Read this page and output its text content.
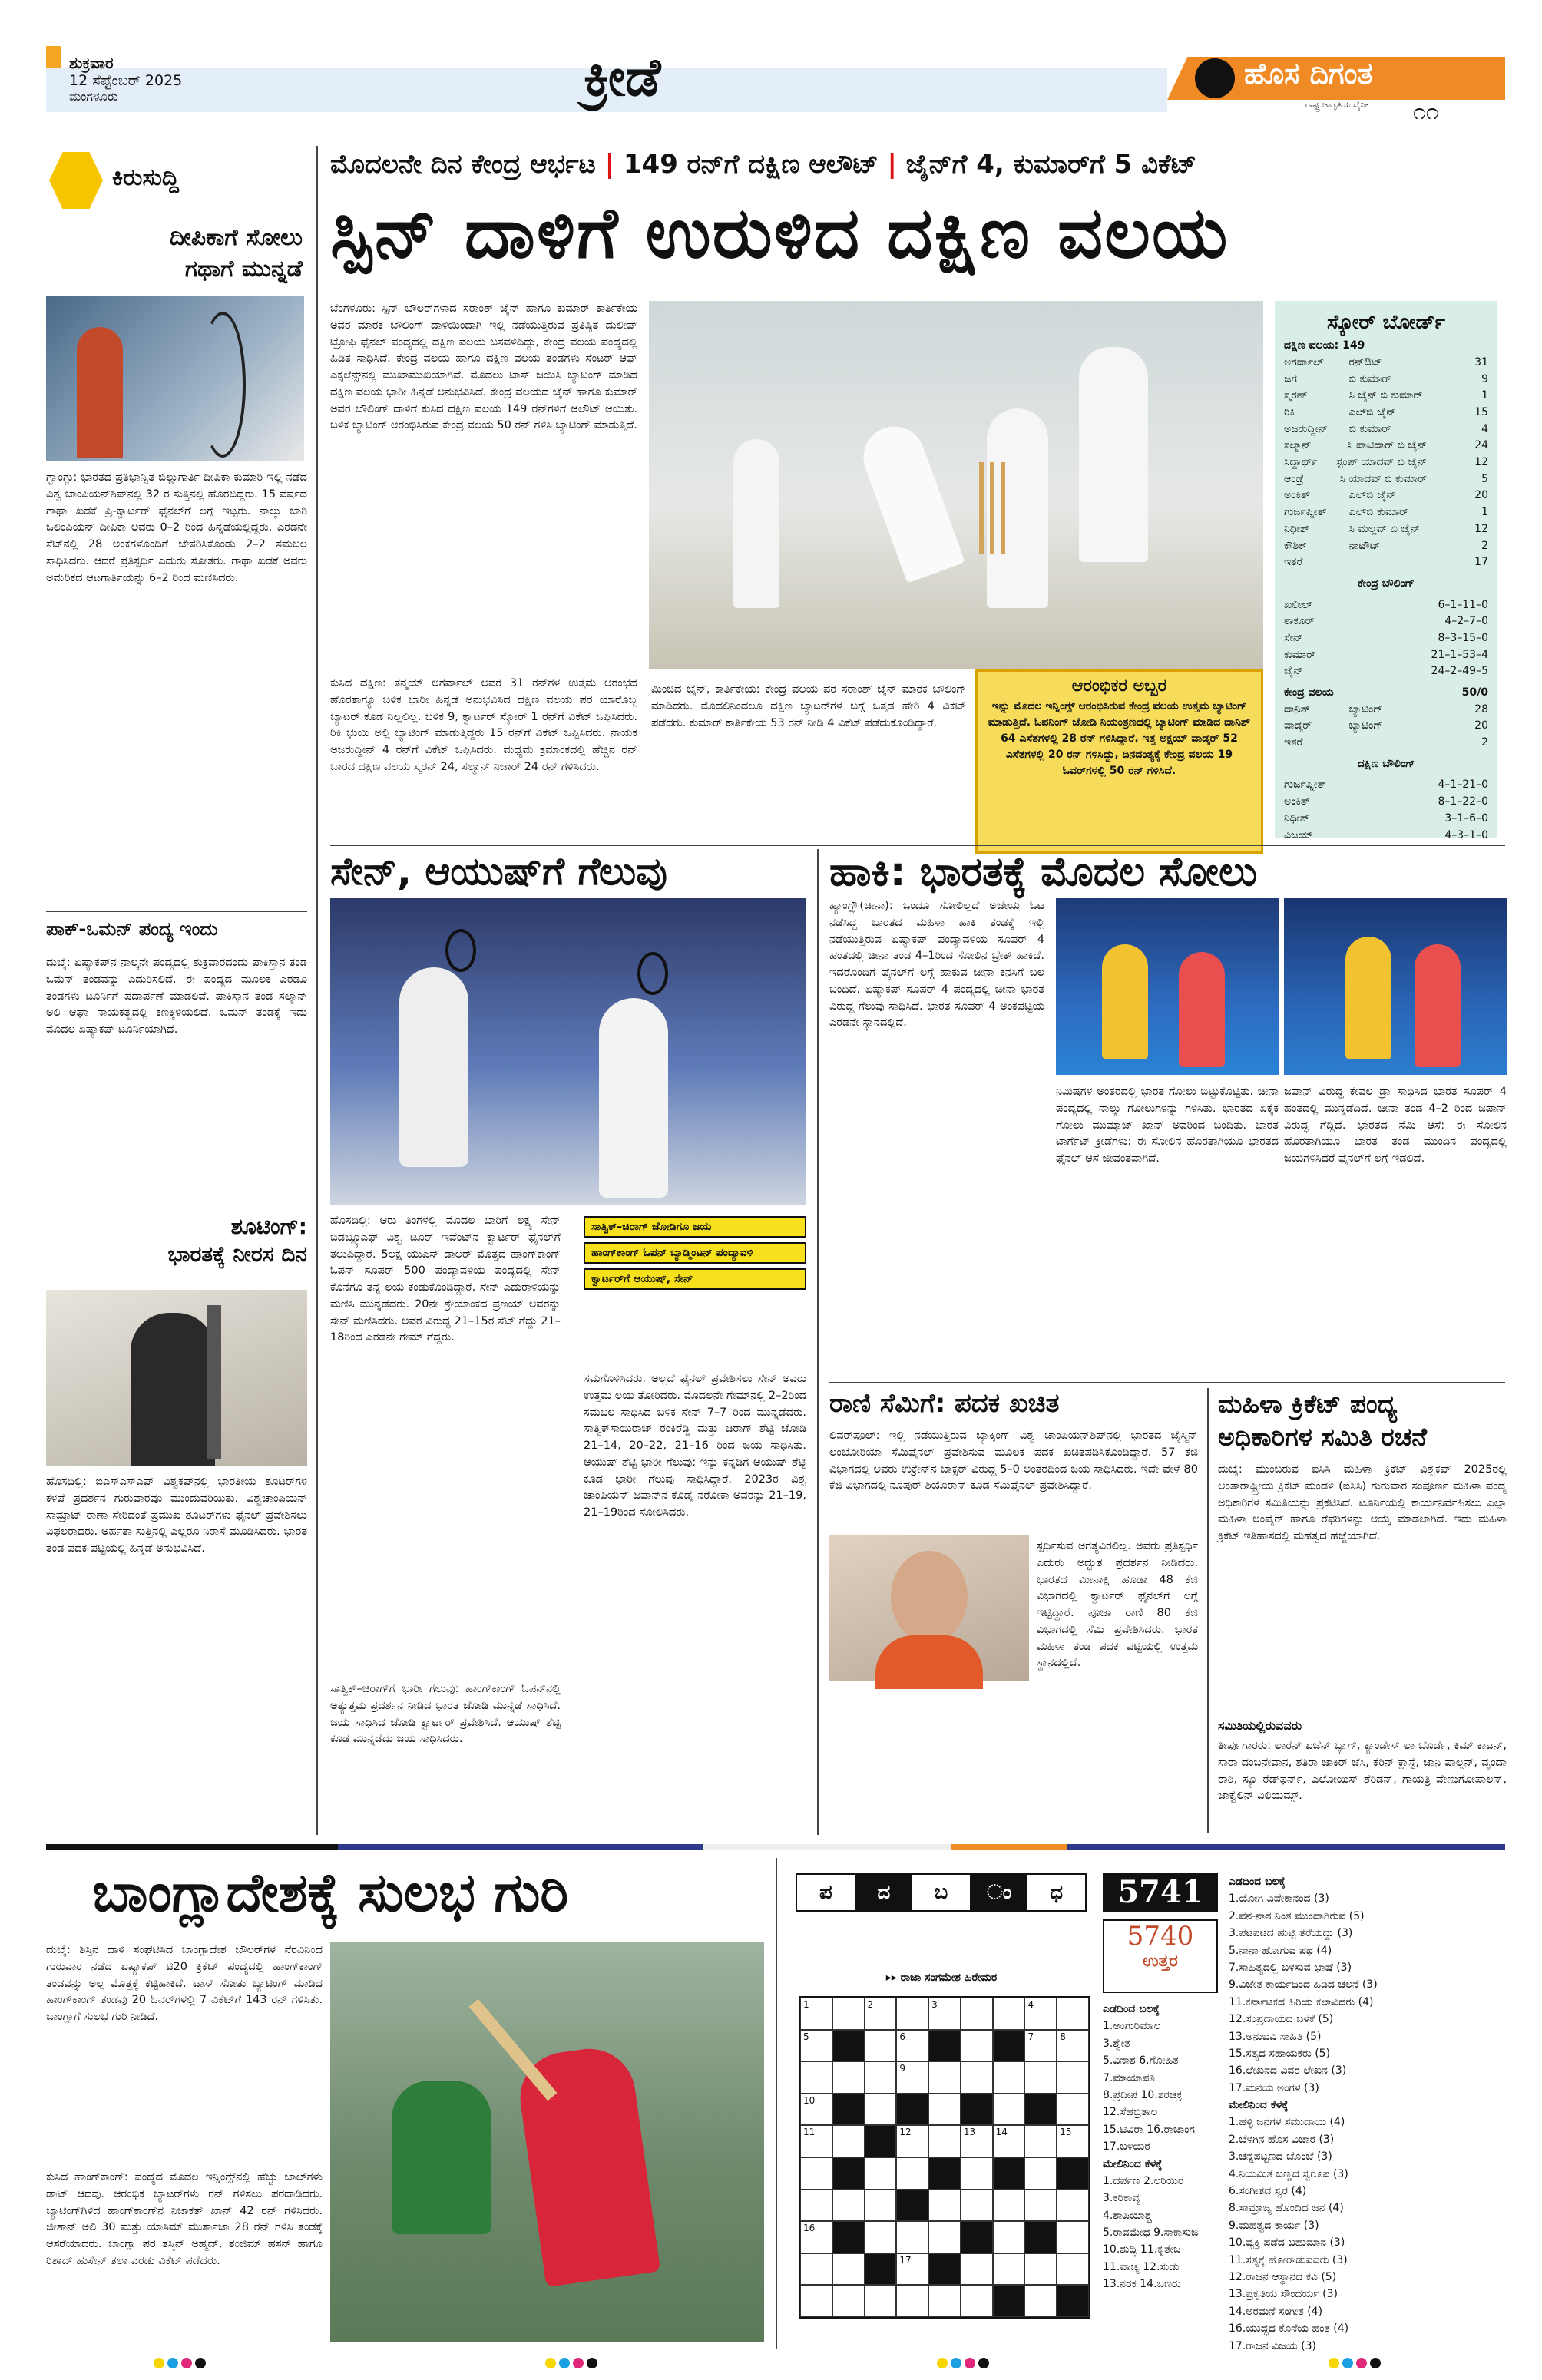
ಶುಕ್ರವಾರ
12 ಸೆಪ್ಟೆಂಬರ್ 2025
ಮಂಗಳೂರು	ಕ್ರೀಡೆ	ಹೊಸ ದಿಗಂತ
ರಾಷ್ಟ್ರ ಜಾಗೃತಿಯ ದೈನಿಕ ೧೧
ಕಿರುಸುದ್ದಿ
ದೀಪಿಕಾಗೆ ಸೋಲು
ಗಥಾಗೆ ಮುನ್ನಡೆ
ಗ್ವಾಂಗ್ಜು: ಭಾರತದ ಪ್ರತಿಭಾನ್ವಿತ ಬಿಲ್ಲುಗಾರ್ತಿ ದೀಪಿಕಾ ಕುಮಾರಿ ಇಲ್ಲಿ ನಡೆದ ವಿಶ್ವ ಚಾಂಪಿಯನ್‌ಶಿಪ್‌ನಲ್ಲಿ 32 ರ ಸುತ್ತಿನಲ್ಲಿ ಹೊರಬಿದ್ದರು. 15 ವರ್ಷದ ಗಾಥಾ ಖಡಕೆ ಪ್ರಿ-ಕ್ವಾರ್ಟರ್ ಫೈನಲ್‌ಗೆ ಲಗ್ಗೆ ಇಟ್ಟರು. ನಾಲ್ಕು ಬಾರಿ ಒಲಿಂಪಿಯನ್ ದೀಪಿಕಾ ಅವರು 0–2 ರಿಂದ ಹಿನ್ನಡೆಯಲ್ಲಿದ್ದರು. ಎರಡನೇ ಸೆಟ್‌ನಲ್ಲಿ 28 ಅಂಕಗಳೊಂದಿಗೆ ಚೇತರಿಸಿಕೊಂಡು 2–2 ಸಮಬಲ ಸಾಧಿಸಿದರು. ಆದರೆ ಪ್ರತಿಸ್ಪರ್ಧಿ ಎದುರು ಸೋತರು. ಗಾಥಾ ಖಡಕೆ ಅವರು ಅಮೆರಿಕದ ಆಟಗಾರ್ತಿಯನ್ನು 6–2 ರಿಂದ ಮಣಿಸಿದರು.
ಪಾಕ್-ಒಮನ್ ಪಂದ್ಯ ಇಂದು
ದುಬೈ: ಏಷ್ಯಾಕಪ್‌ನ ನಾಲ್ಕನೇ ಪಂದ್ಯದಲ್ಲಿ ಶುಕ್ರವಾರದಂದು ಪಾಕಿಸ್ತಾನ ತಂಡ ಒಮನ್ ತಂಡವನ್ನು ಎದುರಿಸಲಿದೆ. ಈ ಪಂದ್ಯದ ಮೂಲಕ ಎರಡೂ ತಂಡಗಳು ಟೂರ್ನಿಗೆ ಪದಾರ್ಪಣೆ ಮಾಡಲಿವೆ. ಪಾಕಿಸ್ತಾನ ತಂಡ ಸಲ್ಮಾನ್ ಅಲಿ ಆಘಾ ನಾಯಕತ್ವದಲ್ಲಿ ಕಣಕ್ಕಿಳಿಯಲಿದೆ. ಒಮನ್ ತಂಡಕ್ಕೆ ಇದು ಮೊದಲ ಏಷ್ಯಾಕಪ್ ಟೂರ್ನಿಯಾಗಿದೆ.
ಶೂಟಿಂಗ್:
ಭಾರತಕ್ಕೆ ನೀರಸ ದಿನ
ಹೊಸದಿಲ್ಲಿ: ಐಎಸ್‌ಎಸ್‌ಎಫ್ ವಿಶ್ವಕಪ್‌ನಲ್ಲಿ ಭಾರತೀಯ ಶೂಟರ್‌ಗಳ ಕಳಪೆ ಪ್ರದರ್ಶನ ಗುರುವಾರವೂ ಮುಂದುವರಿಯಿತು. ವಿಶ್ವಚಾಂಪಿಯನ್ ಸಾಮ್ರಾಟ್ ರಾಣಾ ಸೇರಿದಂತೆ ಪ್ರಮುಖ ಶೂಟರ್‌ಗಳು ಫೈನಲ್ ಪ್ರವೇಶಿಸಲು ವಿಫಲರಾದರು. ಅರ್ಹತಾ ಸುತ್ತಿನಲ್ಲಿ ಎಲ್ಲರೂ ನಿರಾಸೆ ಮೂಡಿಸಿದರು. ಭಾರತ ತಂಡ ಪದಕ ಪಟ್ಟಿಯಲ್ಲಿ ಹಿನ್ನಡೆ ಅನುಭವಿಸಿದೆ.
ಮೊದಲನೇ ದಿನ ಕೇಂದ್ರ ಆರ್ಭಟ | 149 ರನ್‌ಗೆ ದಕ್ಷಿಣ ಆಲೌಟ್ | ಜೈನ್‌ಗೆ 4, ಕುಮಾರ್‌ಗೆ 5 ವಿಕೆಟ್
ಸ್ಪಿನ್ ದಾಳಿಗೆ ಉರುಳಿದ ದಕ್ಷಿಣ ವಲಯ
ಬೆಂಗಳೂರು: ಸ್ಪಿನ್ ಬೌಲರ್‌ಗಳಾದ ಸರಾಂಶ್ ಜೈನ್ ಹಾಗೂ ಕುಮಾರ್ ಕಾರ್ತಿಕೇಯ ಅವರ ಮಾರಕ ಬೌಲಿಂಗ್ ದಾಳಿಯಿಂದಾಗಿ ಇಲ್ಲಿ ನಡೆಯುತ್ತಿರುವ ಪ್ರತಿಷ್ಠಿತ ದುಲೀಪ್ ಟ್ರೋಫಿ ಫೈನಲ್ ಪಂದ್ಯದಲ್ಲಿ ದಕ್ಷಿಣ ವಲಯ ಬಸವಳಿದಿದ್ದು, ಕೇಂದ್ರ ವಲಯ ಪಂದ್ಯದಲ್ಲಿ ಹಿಡಿತ ಸಾಧಿಸಿದೆ. ಕೇಂದ್ರ ವಲಯ ಹಾಗೂ ದಕ್ಷಿಣ ವಲಯ ತಂಡಗಳು ಸೆಂಟರ್ ಆಫ್ ಎಕ್ಸಲೆನ್ಸ್‌ನಲ್ಲಿ ಮುಖಾಮುಖಿಯಾಗಿವೆ. ಮೊದಲು ಟಾಸ್ ಜಯಿಸಿ ಬ್ಯಾಟಿಂಗ್ ಮಾಡಿದ ದಕ್ಷಿಣ ವಲಯ ಭಾರೀ ಹಿನ್ನಡೆ ಅನುಭವಿಸಿದೆ. ಕೇಂದ್ರ ವಲಯದ ಜೈನ್ ಹಾಗೂ ಕುಮಾರ್ ಅವರ ಬೌಲಿಂಗ್ ದಾಳಿಗೆ ಕುಸಿದ ದಕ್ಷಿಣ ವಲಯ 149 ರನ್‌ಗಳಿಗೆ ಆಲೌಟ್ ಆಯಿತು. ಬಳಿಕ ಬ್ಯಾಟಿಂಗ್ ಆರಂಭಿಸಿರುವ ಕೇಂದ್ರ ವಲಯ 50 ರನ್ ಗಳಿಸಿ ಬ್ಯಾಟಿಂಗ್ ಮಾಡುತ್ತಿದೆ.
ಕುಸಿದ ದಕ್ಷಿಣ: ತನ್ಮಯ್ ಅಗರ್ವಾಲ್ ಅವರ 31 ರನ್‌ಗಳ ಉತ್ತಮ ಆರಂಭದ ಹೊರತಾಗ್ಯೂ ಬಳಿಕ ಭಾರೀ ಹಿನ್ನಡೆ ಅನುಭವಿಸಿದ ದಕ್ಷಿಣ ವಲಯ ಪರ ಯಾರೊಬ್ಬ ಬ್ಯಾಟರ್ ಕೂಡ ನಿಲ್ಲಲಿಲ್ಲ. ಬಳಿಕ 9, ಕ್ವಾರ್ಟರ್ ಸ್ಕೋರ್ 1 ರನ್‌ಗೆ ವಿಕೆಟ್ ಒಪ್ಪಿಸಿದರು. ರಿಕಿ ಭುಯಿ ಅಲ್ಲಿ ಬ್ಯಾಟಿಂಗ್ ಮಾಡುತ್ತಿದ್ದರು 15 ರನ್‌ಗೆ ವಿಕೆಟ್ ಒಪ್ಪಿಸಿದರು. ನಾಯಕ ಅಜರುದ್ದೀನ್ 4 ರನ್‌ಗೆ ವಿಕೆಟ್ ಒಪ್ಪಿಸಿದರು. ಮಧ್ಯಮ ಕ್ರಮಾಂಕದಲ್ಲಿ ಹೆಚ್ಚಿನ ರನ್ ಬಾರದ ದಕ್ಷಿಣ ವಲಯ ಸ್ಮರನ್ 24, ಸಲ್ಮಾನ್ ನಿಜಾರ್ 24 ರನ್ ಗಳಿಸಿದರು.
ಮಿಂಚಿದ ಜೈನ್, ಕಾರ್ತಿಕೇಯ: ಕೇಂದ್ರ ವಲಯ ಪರ ಸರಾಂಶ್ ಜೈನ್ ಮಾರಕ ಬೌಲಿಂಗ್ ಮಾಡಿದರು. ಮೊದಲಿನಿಂದಲೂ ದಕ್ಷಿಣ ಬ್ಯಾಟರ್‌ಗಳ ಬಗ್ಗೆ ಒತ್ತಡ ಹೇರಿ 4 ವಿಕೆಟ್ ಪಡೆದರು. ಕುಮಾರ್ ಕಾರ್ತಿಕೇಯ 53 ರನ್ ನೀಡಿ 4 ವಿಕೆಟ್ ಪಡೆದುಕೊಂಡಿದ್ದಾರೆ.
ಆರಂಭಿಕರ ಅಬ್ಬರ
ಇನ್ನು ಮೊದಲ ಇನ್ನಿಂಗ್ಸ್ ಆರಂಭಿಸಿರುವ ಕೇಂದ್ರ ವಲಯ ಉತ್ತಮ ಬ್ಯಾಟಿಂಗ್ ಮಾಡುತ್ತಿದೆ. ಓಪನಿಂಗ್ ಜೋಡಿ ನಿಯಂತ್ರಣದಲ್ಲಿ ಬ್ಯಾಟಿಂಗ್ ಮಾಡಿದ ದಾನಿಶ್ 64 ಎಸೆತಗಳಲ್ಲಿ 28 ರನ್ ಗಳಿಸಿದ್ದಾರೆ. ಇತ್ತ ಅಕ್ಷಯ್ ವಾಡ್ಕರ್ 52 ಎಸೆತಗಳಲ್ಲಿ 20 ರನ್ ಗಳಿಸಿದ್ದು, ದಿನದಂತ್ಯಕ್ಕೆ ಕೇಂದ್ರ ವಲಯ 19 ಓವರ್‌ಗಳಲ್ಲಿ 50 ರನ್ ಗಳಿಸಿದೆ.
ಸ್ಕೋರ್ ಬೋರ್ಡ್
ದಕ್ಷಿಣ ವಲಯ: 149
ಅಗರ್ವಾಲ್	ರನ್‌ಔಟ್	31
ಜಗ	ಬಿ ಕುಮಾರ್	9
ಸ್ಮರಣ್	ಸಿ ಜೈನ್ ಬಿ ಕುಮಾರ್	1
ರಿಕಿ	ಎಲ್‌ಬಿ ಜೈನ್	15
ಅಜರುದ್ದೀನ್	ಬಿ ಕುಮಾರ್	4
ಸಲ್ಮಾನ್	ಸಿ ಪಾಟಿದಾರ್ ಬಿ ಜೈನ್	24
ಸಿದ್ದಾರ್ಥ್	ಸ್ಟಂಪ್ ಯಾದವ್ ಬಿ ಜೈನ್	12
ಆಂಡ್ರೆ	ಸಿ ಯಾದವ್ ಬಿ ಕುಮಾರ್	5
ಅಂಕಿತ್	ಎಲ್‌ಬಿ ಜೈನ್	20
ಗುರ್ಜಪ್ನೀತ್	ಎಲ್‌ಬಿ ಕುಮಾರ್	1
ನಿಧೀಶ್	ಸಿ ಮಲ್ಲವ್ ಬಿ ಜೈನ್	12
ಕೌಶಿಕ್	ನಾಟೌಟ್	2
ಇತರೆ	17
ಕೇಂದ್ರ ಬೌಲಿಂಗ್
ಖಲೀಲ್	6–1–11–0
ಠಾಕೂರ್	4–2–7–0
ಸೇನ್	8–3–15–0
ಕುಮಾರ್	21–1–53–4
ಜೈನ್	24–2–49–5
ಕೇಂದ್ರ ವಲಯ	50/0
ದಾನಿಶ್	ಬ್ಯಾಟಿಂಗ್	28
ವಾಡ್ಕರ್	ಬ್ಯಾಟಿಂಗ್	20
ಇತರೆ	2
ದಕ್ಷಿಣ ಬೌಲಿಂಗ್
ಗುರ್ಜಪ್ನೀತ್	4–1–21–0
ಅಂಕಿತ್	8–1–22–0
ನಿಧೀಶ್	3–1–6–0
ವಿಜಯ್	4–3–1–0
ಸೇನ್, ಆಯುಷ್‌ಗೆ ಗೆಲುವು
ಹೊಸದಿಲ್ಲಿ: ಆರು ತಿಂಗಳಲ್ಲಿ ಮೊದಲ ಬಾರಿಗೆ ಲಕ್ಷ್ಯ ಸೇನ್ ಬಿಡಬ್ಲ್ಯೂಎಫ್ ವಿಶ್ವ ಟೂರ್ ಇವೆಂಟ್‌ನ ಕ್ವಾರ್ಟರ್ ಫೈನಲ್‌ಗೆ ತಲುಪಿದ್ದಾರೆ. 5ಲಕ್ಷ ಯುಎಸ್ ಡಾಲರ್ ಮೊತ್ತದ ಹಾಂಗ್‌ಕಾಂಗ್ ಓಪನ್ ಸೂಪರ್ 500 ಪಂದ್ಯಾವಳಿಯ ಪಂದ್ಯದಲ್ಲಿ ಸೇನ್ ಕೊನೆಗೂ ತನ್ನ ಲಯ ಕಂಡುಕೊಂಡಿದ್ದಾರೆ. ಸೇನ್ ಎದುರಾಳಿಯನ್ನು ಮಣಿಸಿ ಮುನ್ನಡೆದರು. 20ನೇ ಶ್ರೇಯಾಂಕದ ಪ್ರಣಯ್ ಅವರನ್ನು ಸೇನ್ ಮಣಿಸಿದರು. ಅವರ ವಿರುದ್ಧ 21–15ರ ಸೆಟ್ ಗೆದ್ದು 21–18ರಿಂದ ಎರಡನೇ ಗೇಮ್ ಗೆದ್ದರು.
ಸಾತ್ವಿಕ್–ಚಿರಾಗ್ ಜೋಡಿಗೂ ಜಯ
ಹಾಂಗ್‌ಕಾಂಗ್ ಓಪನ್ ಬ್ಯಾಡ್ಮಿಂಟನ್ ಪಂದ್ಯಾವಳಿ
ಕ್ವಾರ್ಟರ್‌ಗೆ ಆಯುಷ್, ಸೇನ್
ಸಮಗೊಳಿಸಿದರು. ಅಲ್ಲದೆ ಫೈನಲ್ ಪ್ರವೇಶಿಸಲು ಸೇನ್ ಅವರು ಉತ್ತಮ ಲಯ ತೋರಿದರು. ಮೊದಲನೇ ಗೇಮ್‌ನಲ್ಲಿ 2–2ರಿಂದ ಸಮಬಲ ಸಾಧಿಸಿದ ಬಳಿಕ ಸೇನ್ 7–7 ರಿಂದ ಮುನ್ನಡೆದರು. ಸಾತ್ವಿಕ್‌ಸಾಯಿರಾಜ್ ರಂಕಿರೆಡ್ಡಿ ಮತ್ತು ಚಿರಾಗ್ ಶೆಟ್ಟಿ ಜೋಡಿ 21–14, 20–22, 21–16 ರಿಂದ ಜಯ ಸಾಧಿಸಿತು. ಆಯುಷ್ ಶೆಟ್ಟಿ ಭಾರೀ ಗೆಲುವು: ಇನ್ನು ಕನ್ನಡಿಗ ಆಯುಷ್ ಶೆಟ್ಟಿ ಕೂಡ ಭಾರೀ ಗೆಲುವು ಸಾಧಿಸಿದ್ದಾರೆ. 2023ರ ವಿಶ್ವ ಚಾಂಪಿಯನ್ ಜಪಾನ್‌ನ ಕೊಡೈ ನರೋಕಾ ಅವರನ್ನು 21–19, 21–19ರಿಂದ ಸೋಲಿಸಿದರು.
ಸಾತ್ವಿಕ್–ಚಿರಾಗ್‌ಗೆ ಭಾರೀ ಗೆಲುವು: ಹಾಂಗ್‌ಕಾಂಗ್ ಓಪನ್‌ನಲ್ಲಿ ಅತ್ಯುತ್ತಮ ಪ್ರದರ್ಶನ ನೀಡಿದ ಭಾರತ ಜೋಡಿ ಮುನ್ನಡೆ ಸಾಧಿಸಿದೆ. ಜಯ ಸಾಧಿಸಿದ ಜೋಡಿ ಕ್ವಾರ್ಟರ್ ಪ್ರವೇಶಿಸಿದೆ. ಆಯುಷ್ ಶೆಟ್ಟಿ ಕೂಡ ಮುನ್ನಡೆದು ಜಯ ಸಾಧಿಸಿದರು.
ಹಾಕಿ: ಭಾರತಕ್ಕೆ ಮೊದಲ ಸೋಲು
ಹ್ಯಾಂಗ್ಝೌ(ಚೀನಾ): ಒಂದೂ ಸೋಲಿಲ್ಲದೆ ಅಜೇಯ ಓಟ ನಡೆಸಿದ್ದ ಭಾರತದ ಮಹಿಳಾ ಹಾಕಿ ತಂಡಕ್ಕೆ ಇಲ್ಲಿ ನಡೆಯುತ್ತಿರುವ ಏಷ್ಯಾಕಪ್ ಪಂದ್ಯಾವಳಿಯ ಸೂಪರ್ 4 ಹಂತದಲ್ಲಿ ಚೀನಾ ತಂಡ 4–1ರಿಂದ ಸೋಲಿನ ಬ್ರೇಕ್ ಹಾಕಿದೆ. ಇದರೊಂದಿಗೆ ಫೈನಲ್‌ಗೆ ಲಗ್ಗೆ ಹಾಕುವ ಚೀನಾ ಕನಸಿಗೆ ಬಲ ಬಂದಿದೆ. ಏಷ್ಯಾಕಪ್ ಸೂಪರ್ 4 ಪಂದ್ಯದಲ್ಲಿ ಚೀನಾ ಭಾರತ ವಿರುದ್ಧ ಗೆಲುವು ಸಾಧಿಸಿದೆ. ಭಾರತ ಸೂಪರ್ 4 ಅಂಕಪಟ್ಟಿಯ ಎರಡನೇ ಸ್ಥಾನದಲ್ಲಿದೆ.
ನಿಮಿಷಗಳ ಅಂತರದಲ್ಲಿ ಭಾರತ ಗೋಲು ಬಿಟ್ಟುಕೊಟ್ಟಿತು. ಚೀನಾ ಪಂದ್ಯದಲ್ಲಿ ನಾಲ್ಕು ಗೋಲುಗಳನ್ನು ಗಳಿಸಿತು. ಭಾರತದ ಏಕೈಕ ಗೋಲು ಮುಮ್ತಾಜ್ ಖಾನ್ ಅವರಿಂದ ಬಂದಿತು. ಭಾರತ ಟಾರ್ಗೆಟ್ ಕ್ರೀಡೆಗಳು: ಈ ಸೋಲಿನ ಹೊರತಾಗಿಯೂ ಭಾರತದ ಫೈನಲ್ ಆಸೆ ಜೀವಂತವಾಗಿದೆ.
ಜಪಾನ್ ವಿರುದ್ಧ ಕೇವಲ ಡ್ರಾ ಸಾಧಿಸಿದ ಭಾರತ ಸೂಪರ್ 4 ಹಂತದಲ್ಲಿ ಮುನ್ನಡೆದಿದೆ. ಚೀನಾ ತಂಡ 4–2 ರಿಂದ ಜಪಾನ್ ವಿರುದ್ಧ ಗೆದ್ದಿದೆ. ಭಾರತದ ಸೆಮಿ ಆಸೆ: ಈ ಸೋಲಿನ ಹೊರತಾಗಿಯೂ ಭಾರತ ತಂಡ ಮುಂದಿನ ಪಂದ್ಯದಲ್ಲಿ ಜಯಗಳಿಸಿದರೆ ಫೈನಲ್‌ಗೆ ಲಗ್ಗೆ ಇಡಲಿದೆ.
ರಾಣಿ ಸೆಮಿಗೆ: ಪದಕ ಖಚಿತ
ಲಿವರ್‌ಪೂಲ್: ಇಲ್ಲಿ ನಡೆಯುತ್ತಿರುವ ಬ್ಯಾಕ್ಸಿಂಗ್ ವಿಶ್ವ ಚಾಂಪಿಯನ್‌ಶಿಪ್‌ನಲ್ಲಿ ಭಾರತದ ಜೈಸ್ಮಿನ್ ಲಂಬೋರಿಯಾ ಸೆಮಿಫೈನಲ್ ಪ್ರವೇಶಿಸುವ ಮೂಲಕ ಪದಕ ಖಚಿತಪಡಿಸಿಕೊಂಡಿದ್ದಾರೆ. 57 ಕೆಜಿ ವಿಭಾಗದಲ್ಲಿ ಅವರು ಉಕ್ರೇನ್‌ನ ಬಾಕ್ಸರ್ ವಿರುದ್ಧ 5–0 ಅಂತರದಿಂದ ಜಯ ಸಾಧಿಸಿದರು. ಇದೇ ವೇಳೆ 80 ಕೆಜಿ ವಿಭಾಗದಲ್ಲಿ ನೂಪುರ್ ಶಿಯೊರಾನ್ ಕೂಡ ಸೆಮಿಫೈನಲ್ ಪ್ರವೇಶಿಸಿದ್ದಾರೆ.
ಸ್ಪರ್ಧಿಸುವ ಅಗತ್ಯವಿರಲಿಲ್ಲ. ಅವರು ಪ್ರತಿಸ್ಪರ್ಧಿ ಎದುರು ಅದ್ಭುತ ಪ್ರದರ್ಶನ ನೀಡಿದರು. ಭಾರತದ ಮೀನಾಕ್ಷಿ ಹೂಡಾ 48 ಕೆಜಿ ವಿಭಾಗದಲ್ಲಿ ಕ್ವಾರ್ಟರ್ ಫೈನಲ್‌ಗೆ ಲಗ್ಗೆ ಇಟ್ಟಿದ್ದಾರೆ. ಪೂಜಾ ರಾಣಿ 80 ಕೆಜಿ ವಿಭಾಗದಲ್ಲಿ ಸೆಮಿ ಪ್ರವೇಶಿಸಿದರು. ಭಾರತ ಮಹಿಳಾ ತಂಡ ಪದಕ ಪಟ್ಟಿಯಲ್ಲಿ ಉತ್ತಮ ಸ್ಥಾನದಲ್ಲಿದೆ.
ಮಹಿಳಾ ಕ್ರಿಕೆಟ್ ಪಂದ್ಯ
ಅಧಿಕಾರಿಗಳ ಸಮಿತಿ ರಚನೆ
ದುಬೈ: ಮುಂಬರುವ ಐಸಿಸಿ ಮಹಿಳಾ ಕ್ರಿಕೆಟ್ ವಿಶ್ವಕಪ್ 2025ರಲ್ಲಿ ಅಂತಾರಾಷ್ಟ್ರೀಯ ಕ್ರಿಕೆಟ್ ಮಂಡಳಿ (ಐಸಿಸಿ) ಗುರುವಾರ ಸಂಪೂರ್ಣ ಮಹಿಳಾ ಪಂದ್ಯ ಅಧಿಕಾರಿಗಳ ಸಮಿತಿಯನ್ನು ಪ್ರಕಟಿಸಿದೆ. ಟೂರ್ನಿಯಲ್ಲಿ ಕಾರ್ಯನಿರ್ವಹಿಸಲು ಎಲ್ಲಾ ಮಹಿಳಾ ಅಂಪೈರ್ ಹಾಗೂ ರೆಫರಿಗಳನ್ನು ಆಯ್ಕೆ ಮಾಡಲಾಗಿದೆ. ಇದು ಮಹಿಳಾ ಕ್ರಿಕೆಟ್ ಇತಿಹಾಸದಲ್ಲಿ ಮಹತ್ವದ ಹೆಜ್ಜೆಯಾಗಿದೆ.
ಸಮಿತಿಯಲ್ಲಿರುವವರು
ತೀರ್ಪುಗಾರರು: ಲಾರೆನ್ ಏಜೆನ್ ಬ್ಯಾಗ್, ಕ್ಯಾಂಡೇಸ್ ಲಾ ಬೊರ್ಡೆ, ಕಿಮ್ ಕಾಟನ್, ಸಾರಾ ದಂಬನೇವಾನ, ಶತಿರಾ ಜಾಕಿರ್ ಜೆಸಿ, ಕೆರಿನ್ ಕ್ಲಾಸ್ಟೆ, ಜಾನಿ ಪಾಲ್ಸನ್, ವೃಂದಾ ರಾಠಿ, ಸ್ಯೂ ರೆಡ್‌ಫರ್ನ್, ಎಲೋಯಿಸ್ ಶೆರಿಡನ್, ಗಾಯತ್ರಿ ವೇಣುಗೋಪಾಲನ್, ಜಾಕ್ವೆಲಿನ್ ವಿಲಿಯಮ್ಸ್.
ಬಾಂಗ್ಲಾದೇಶಕ್ಕೆ ಸುಲಭ ಗುರಿ
ದುಬೈ: ಶಿಸ್ತಿನ ದಾಳಿ ಸಂಘಟಿಸಿದ ಬಾಂಗ್ಲಾದೇಶ ಬೌಲರ್‌ಗಳ ನೆರವಿನಿಂದ ಗುರುವಾರ ನಡೆದ ಏಷ್ಯಾಕಪ್ ಟಿ20 ಕ್ರಿಕೆಟ್ ಪಂದ್ಯದಲ್ಲಿ ಹಾಂಗ್‌ಕಾಂಗ್ ತಂಡವನ್ನು ಅಲ್ಪ ಮೊತ್ತಕ್ಕೆ ಕಟ್ಟಿಹಾಕಿದೆ. ಟಾಸ್ ಸೋತು ಬ್ಯಾಟಿಂಗ್ ಮಾಡಿದ ಹಾಂಗ್‌ಕಾಂಗ್ ತಂಡವು 20 ಓವರ್‌ಗಳಲ್ಲಿ 7 ವಿಕೆಟ್‌ಗೆ 143 ರನ್ ಗಳಿಸಿತು. ಬಾಂಗ್ಲಾಗೆ ಸುಲಭ ಗುರಿ ನೀಡಿದೆ.
ಕುಸಿದ ಹಾಂಗ್‌ಕಾಂಗ್: ಪಂದ್ಯದ ಮೊದಲ ಇನ್ನಿಂಗ್ಸ್‌ನಲ್ಲಿ ಹೆಚ್ಚು ಬಾಲ್‌ಗಳು ಡಾಟ್ ಆದವು. ಆರಂಭಿಕ ಬ್ಯಾಟರ್‌ಗಳು ರನ್ ಗಳಿಸಲು ಪರದಾಡಿದರು. ಬ್ಯಾಟಿಂಗ್‌ಗಿಳಿದ ಹಾಂಗ್‌ಕಾಂಗ್‌ನ ನಿಜಾಕತ್ ಖಾನ್ 42 ರನ್ ಗಳಿಸಿದರು. ಜೀಶಾನ್ ಅಲಿ 30 ಮತ್ತು ಯಾಸಿಮ್ ಮುರ್ತಾಜಾ 28 ರನ್ ಗಳಿಸಿ ತಂಡಕ್ಕೆ ಆಸರೆಯಾದರು. ಬಾಂಗ್ಲಾ ಪರ ತಸ್ಕಿನ್ ಅಹ್ಮದ್, ತಂಜಿಮ್ ಹಸನ್ ಹಾಗೂ ರಿಶಾದ್ ಹುಸೇನ್ ತಲಾ ಎರಡು ವಿಕೆಟ್ ಪಡೆದರು.
ಪ	ದ	ಬ	ಂ	ಧ	5741
5740
ಉತ್ತರ
▸▸ ರಾಜಾ ಸಂಗಮೇಶ ಹಿರೇಮಠ
1	2	3	4
5	6	7	8
9
10
11	12	13 14	15
16
17
ಎಡದಿಂದ ಬಲಕ್ಕೆ
1.ಅಂಗುರಿಮಾಲ
3.ಶ್ವೇತ
5.ವಿನಾಶ 6.ಗೋಹಿತ
7.ಮಾಯಾಪತಿ
8.ಪ್ರದೀಪ 10.ಶರಚಕ್ರ
12.ಸೆಹಬ್ರಿತಾಲ
15.ಟಿವಿರಾ 16.ರಾಜಾಂಗ
17.ಬಳಿಯರ
ಮೇಲಿನಿಂದ ಕೆಳಕ್ಕೆ
1.ದರ್ಪಣ 2.ಲರಿಯಿರ
3.ಕರಿಕಾವ್ಯ
4.ಶಾಪಿಯಾಶ್ಚ
5.ರಾವಮೇಧ 9.ಸಾಕಾಸುಜಿ
10.ಶುದ್ಧಿ 11.ಕೃತೇಜ
11.ವಾಚ್ಯ 12.ಸುಡು
13.ನರಕ 14.ಬಣರು
ಎಡದಿಂದ ಬಲಕ್ಕೆ
1.ಯೋಗಿ ವಿವೇಕಾನಂದ (3)
2.ವನ-ನಾಶ ನಿಂತ ಮುಂದಾಗಿರುವ (5)
3.ಪಟಪಟದ ಹುಟ್ಟಿ ತೆರೆಯದ್ದು (3)
5.ನಾನಾ ಹೋಗುವ ಪಥ (4)
7.ಸಾಹಿತ್ಯದಲ್ಲಿ ಬಳಸುವ ಭಾಷೆ (3)
9.ವಿಜೇತ ಕಾರ್ಯದಿಂದ ಹಿಡಿದ ಚಲನೆ (3)
11.ಕರ್ನಾಟಕದ ಹಿರಿಯ ಕಲಾವಿದರು (4)
12.ಸಂಪ್ರದಾಯದ ಬಳಕೆ (5)
13.ಅನುಭವಿ ಸಾಹಿತಿ (5)
15.ಸತ್ಯದ ಸಹಾಯಕರು (5)
16.ಲೇಖನದ ವಿವರ ಲೇಖನ (3)
17.ಮನೆಯ ಅಂಗಳ (3)
ಮೇಲಿನಿಂದ ಕೆಳಕ್ಕೆ
1.ಹಳ್ಳಿ ಜನಗಳ ಸಮುದಾಯ (4)
2.ಬೆಳಗಿನ ಹೊಸ ವಿಚಾರ (3)
3.ಚನ್ನಪಟ್ಟಣದ ಬೊಂಬೆ (3)
4.ನಿಯಮಿತ ಬಣ್ಣದ ಸ್ವರೂಪ (3)
6.ಸಂಗೀತದ ಸ್ವರ (4)
8.ಸಾಮ್ರಾಜ್ಯ ಹೊಂದಿದ ಜನ (4)
9.ಮಹತ್ವದ ಕಾರ್ಯ (3)
10.ವ್ಯಕ್ತಿ ಪಡೆದ ಬಹುಮಾನ (3)
11.ಸತ್ಯಕ್ಕೆ ಹೋರಾಡುವವರು (3)
12.ರಾಜನ ಆಸ್ಥಾನದ ಕವಿ (5)
13.ಪ್ರಕೃತಿಯ ಸೌಂದರ್ಯ (3)
14.ಅರಮನೆ ಸಂಗೀತ (4)
16.ಯುದ್ಧದ ಕೊನೆಯ ಹಂತ (4)
17.ರಾಜನ ವಿಜಯ (3)
